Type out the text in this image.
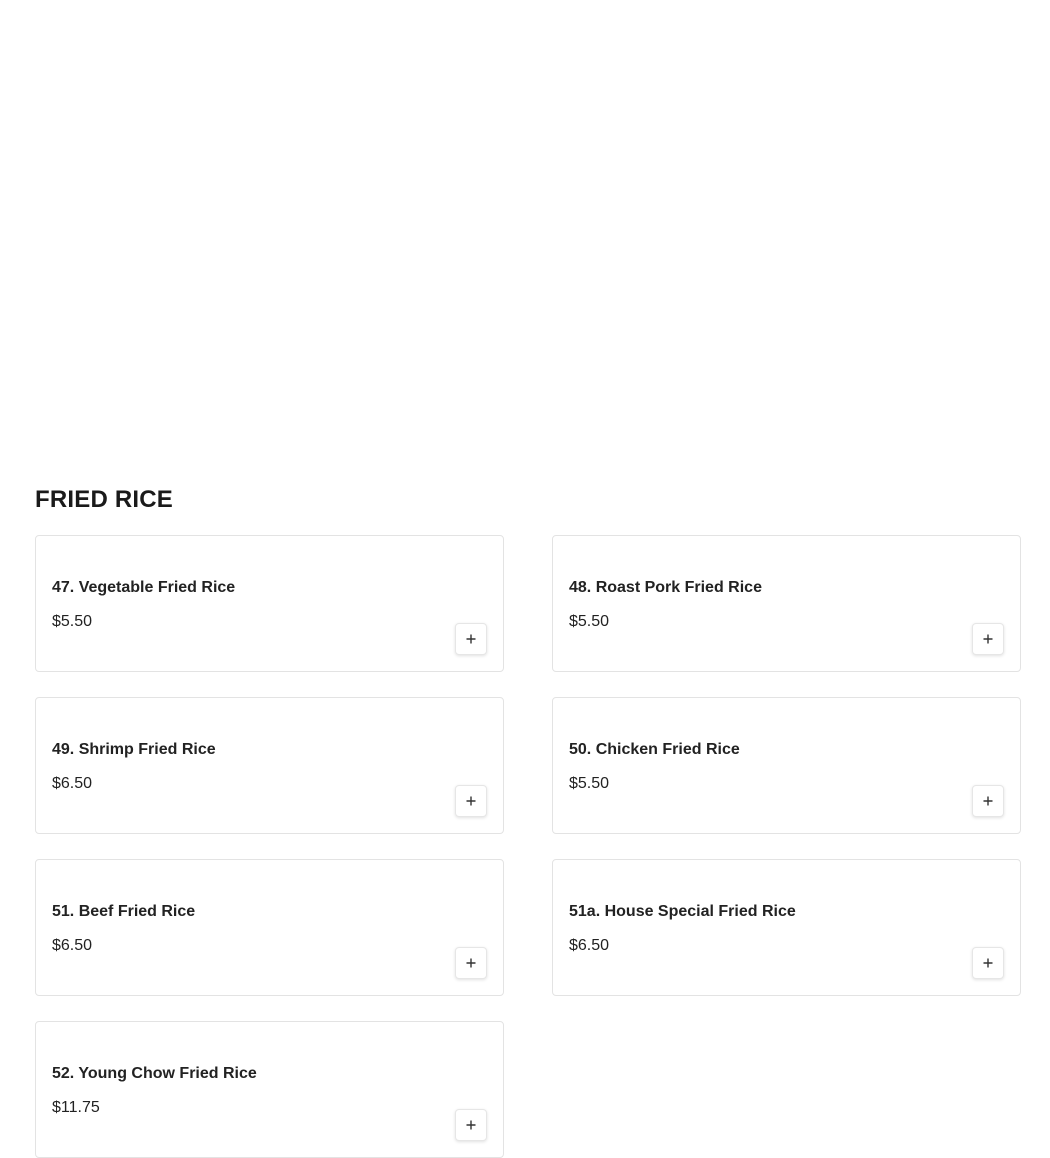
FRIED RICE
47. Vegetable Fried Rice
$5.50
48. Roast Pork Fried Rice
$5.50
49. Shrimp Fried Rice
$6.50
50. Chicken Fried Rice
$5.50
51. Beef Fried Rice
$6.50
51a. House Special Fried Rice
$6.50
52. Young Chow Fried Rice
$11.75
